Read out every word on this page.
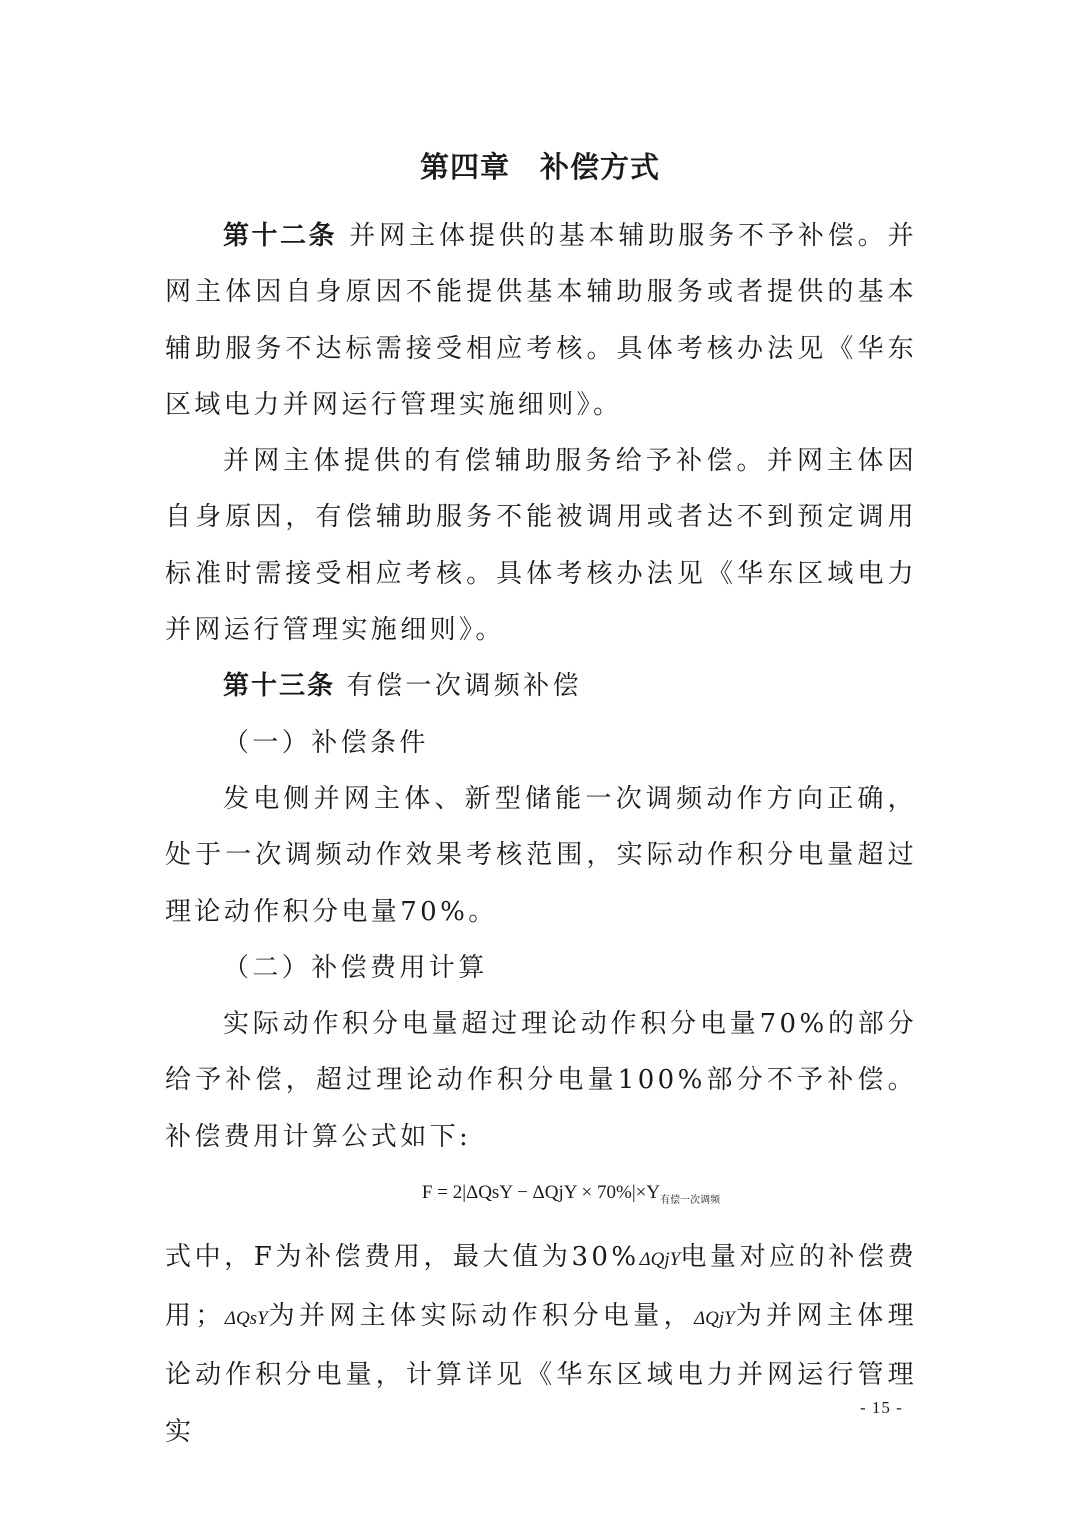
第四章　补偿方式

第十二条 并网主体提供的基本辅助服务不予补偿。并网主体因自身原因不能提供基本辅助服务或者提供的基本辅助服务不达标需接受相应考核。具体考核办法见《华东区域电力并网运行管理实施细则》。

并网主体提供的有偿辅助服务给予补偿。并网主体因自身原因，有偿辅助服务不能被调用或者达不到预定调用标准时需接受相应考核。具体考核办法见《华东区域电力并网运行管理实施细则》。

第十三条 有偿一次调频补偿

（一）补偿条件

发电侧并网主体、新型储能一次调频动作方向正确，处于一次调频动作效果考核范围，实际动作积分电量超过理论动作积分电量70%。

（二）补偿费用计算

实际动作积分电量超过理论动作积分电量70%的部分给予补偿，超过理论动作积分电量100%部分不予补偿。补偿费用计算公式如下:

$F = 2|\Delta QsY - \Delta QjY \times 70\%|\times Y_{有偿一次调频}$

式中，F为补偿费用，最大值为30%ΔQjY电量对应的补偿费用；ΔQsY为并网主体实际动作积分电量，ΔQjY为并网主体理论动作积分电量，计算详见《华东区域电力并网运行管理实

- 15 -
